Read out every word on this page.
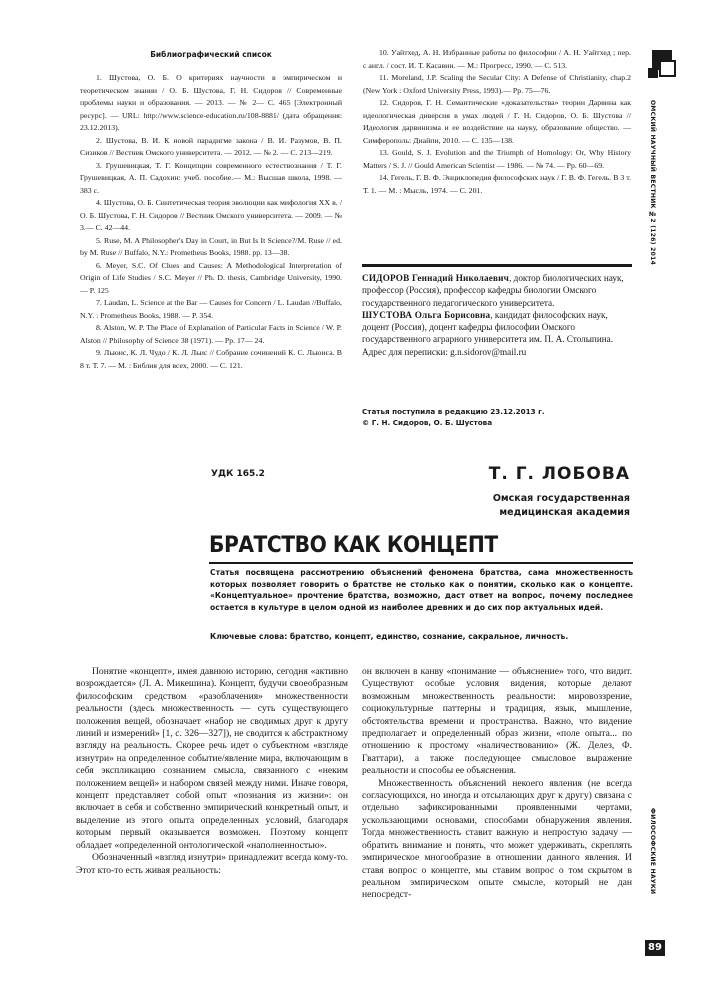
Библиографический список

1. Шустова, О. Б. О критериях научности в эмпирическом и теоретическом знании / О. Б. Шустова, Г. Н. Сидоров // Современные проблемы науки и образования. — 2013. — № 2— С. 465 [Электронный ресурс]. — URL: http://www.science-education.ru/108-8881/ (дата обращения: 23.12.2013).

2. Шустова, В. И. К новой парадигме закона / В. И. Разумов, В. П. Сизиков // Вестник Омского университета. — 2012. — № 2. — С. 213—219.

3. Грушевицкая, Т. Г. Концепции современного естествознания / Т. Г. Грушевицкая, А. П. Садохин: учеб. пособие.— М.: Высшая школа, 1998. — 383 с.

4. Шустова, О. Б. Синтетическая теория эволюции как мифология XX в. / О. Б. Шустова, Г. Н. Сидоров // Вестник Омского университета. — 2009. — № 3.— С. 42—44.

5. Ruse, M. A Philosopher's Day in Court, in But Is It Science?/M. Ruse // ed. by M. Ruse // Buffalo, N.Y.: Prometheus Books, 1988. pp. 13—38.

6. Meyer, S.C. Of Clues and Causes: A Methodological Interpretation of Origin of Life Studies / S.C. Meyer // Ph. D. thesis, Cambridge University, 1990. — P. 125

7. Laudan, L. Science at the Bar — Causes for Concern / L. Laudan //Buffalo, N.Y. : Prometheus Books, 1988. — P. 354.

8. Alston, W. P. The Place of Explanation of Particular Facts in Science / W. P. Alston // Philosophy of Science 38 (1971). — Pp. 17— 24.

9. Льюис, К. Л. Чудо / К. Л. Льис // Собрание сочинений К. С. Льюиса. В 8 т. Т. 7. — М. : Библия для всех, 2000. — С. 121.

10. Уайтхед, А. Н. Избранные работы по философии / А. Н. Уайтхед ; пер. с англ. / сост. И. Т. Касавин. — М.: Прогресс, 1990. — С. 513.

11. Moreland, J.P. Scaling the Secular City: A Defense of Christianity, chap.2 (New York : Oxford University Press, 1993).— Pp. 75—76.

12. Сидоров, Г. Н. Семантические «доказательства» теории Дарвина как идеологическая диверсия в умах людей / Г. Н. Сидоров, О. Б. Шустова // Идеология дарвинизма и ее воздействие на науку, образование общество. — Симферополь: Диайпи, 2010. — С. 135—138.

13. Gould, S. J. Evolution and the Triumph of Homology: Or, Why History Matters / S. J. // Gould American Scientist — 1986. — № 74. — Pp. 60—69.

14. Гегель, Г. В. Ф. Энциклопедия философских наук / Г. В. Ф. Гегель. В 3 т. Т. 1. — М. : Мысль, 1974. — С. 201.

СИДОРОВ Геннадий Николаевич, доктор биологических наук, профессор (Россия), профессор кафедры биологии Омского государственного педагогического университета.

ШУСТОВА Ольга Борисовна, кандидат философских наук, доцент (Россия), доцент кафедры философии Омского государственного аграрного университета им. П. А. Столыпина.

Адрес для переписки: g.n.sidorov@mail.ru

Статья поступила в редакцию 23.12.2013 г.
© Г. Н. Сидоров, О. Б. Шустова
УДК 165.2	Т. Г. ЛОБОВА
Омская государственная
медицинская академия
БРАТСТВО КАК КОНЦЕПТ
Статья посвящена рассмотрению объяснений феномена братства, сама множественность которых позволяет говорить о братстве не столько как о понятии, сколько как о концепте. «Концептуальное» прочтение братства, возможно, даст ответ на вопрос, почему последнее остается в культуре в целом одной из наиболее древних и до сих пор актуальных идей.
Ключевые слова: братство, концепт, единство, сознание, сакральное, личность.

Понятие «концепт», имея давнюю историю, сегодня «активно возрождается» (Л. А. Микешина). Концепт, будучи своеобразным философским средством «разоблачения» множественности реальности (здесь множественность — суть существующего положения вещей, обозначает «набор не сводимых друг к другу линий и измерений» [1, с. 326—327]), не сводится к абстрактному взгляду на реальность. Скорее речь идет о субъектном «взгляде изнутри» на определенное событие/явление мира, включающим в себя экспликацию сознанием смысла, связанного с «неким положением вещей» и набором связей между ними. Иначе говоря, концепт представляет собой опыт «познания из жизни»: он включает в себя и собственно эмпирический конкретный опыт, и выделение из этого опыта определенных условий, благодаря которым первый оказывается возможен. Поэтому концепт обладает «определенной онтологической «наполненностью».

Обозначенный «взгляд изнутри» принадлежит всегда кому-то. Этот кто-то есть живая реальность:

он включен в канву «понимание — объяснение» того, что видит. Существуют особые условия видения, которые делают возможным множественность реальности: мировоззрение, социокультурные паттерны и традиция, язык, мышление, обстоятельства времени и пространства. Важно, что видение предполагает и определенный образ жизни, «поле опыта... по отношению к простому «наличествованию» (Ж. Делез, Ф. Гваттари), а также последующее смысловое выражение реальности и способы ее объяснения.

Множественность объяснений некоего явления (не всегда согласующихся, но иногда и отсылающих друг к другу) связана с отдельно зафиксированными проявленными чертами, ускользающими основами, способами обнаружения явления. Тогда множественность ставит важную и непростую задачу — обратить внимание и понять, что может удерживать, скреплять эмпирическое многообразие в отношении данного явления. И ставя вопрос о концепте, мы ставим вопрос о том скрытом в реальном эмпирическом опыте смысле, который не дан непосредст-

ОМСКИЙ НАУЧНЫЙ ВЕСТНИК №2 (126) 2014
ФИЛОСОФСКИЕ НАУКИ
89
